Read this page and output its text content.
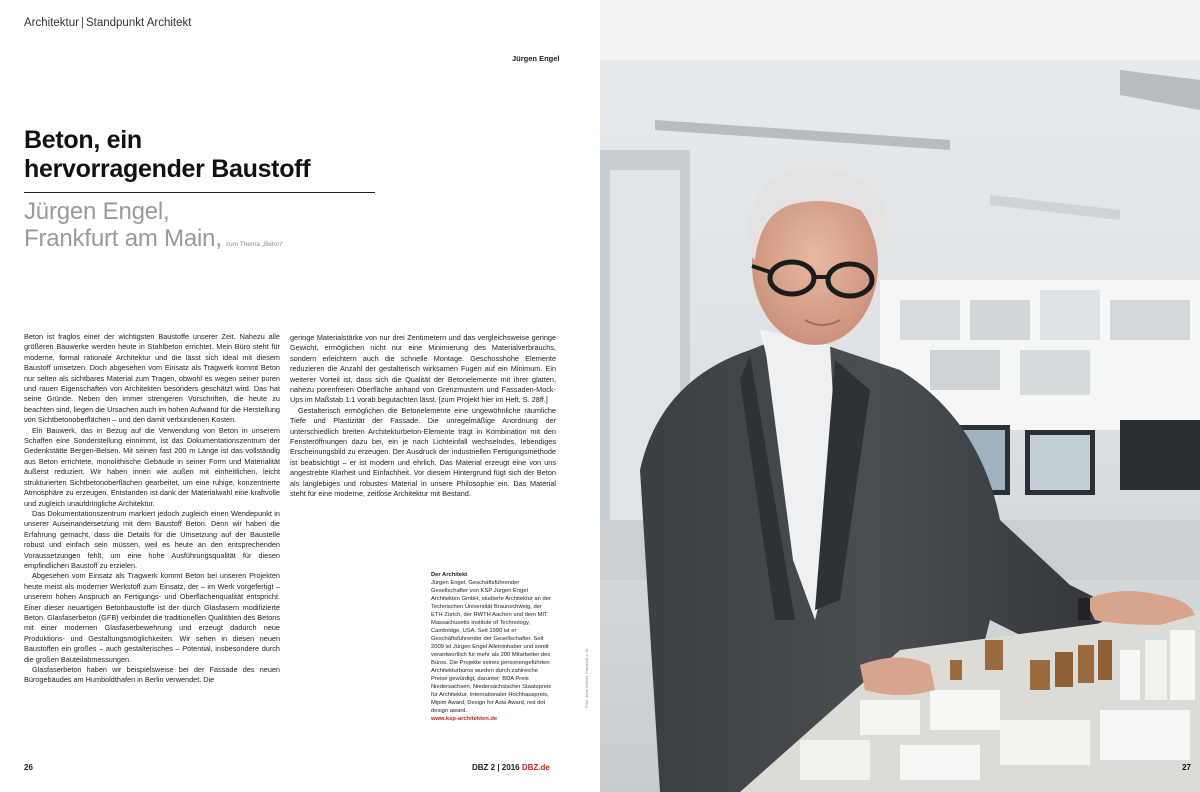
Architektur | Standpunkt Architekt
Jürgen Engel
Beton, ein
hervorragender Baustoff
Jürgen Engel,
Frankfurt am Main, zum Thema „Beton“

Beton ist fraglos einer der wichtigsten Baustoffe unserer Zeit. Nahezu alle größeren Bauwerke werden heute in Stahlbeton errichtet. Mein Büro steht für moderne, formal rationale Architektur und die lässt sich ideal mit diesem Baustoff umsetzen. Doch abgesehen vom Einsatz als Tragwerk kommt Beton nur selten als sichtbares Material zum Tragen, obwohl es wegen seiner puren und rauen Eigenschaften von Architekten besonders geschätzt wird. Das hat seine Gründe. Neben den immer strengeren Vorschriften, die heute zu beachten sind, liegen die Ursachen auch im hohen Aufwand für die Herstellung von Sichtbetonoberflächen – und den damit verbundenen Kosten.

Ein Bauwerk, das in Bezug auf die Verwendung von Beton in unserem Schaffen eine Sonderstellung einnimmt, ist das Dokumentationszentrum der Gedenkstätte Bergen-Belsen. Mit seinen fast 200 m Länge ist das vollständig aus Beton errichtete, monolithische Gebäude in seiner Form und Materialität äußerst reduziert. Wir haben innen wie außen mit einheitlichen, leicht strukturierten Sichtbetonoberflächen gearbeitet, um eine ruhige, konzentrierte Atmosphäre zu erzeugen. Entstanden ist dank der Materialwahl eine kraftvolle und zugleich unaufdringliche Architektur.

Das Dokumentationszentrum markiert jedoch zugleich einen Wendepunkt in unserer Auseinandersetzung mit dem Baustoff Beton. Denn wir haben die Erfahrung gemacht, dass die Details für die Umsetzung auf der Baustelle robust und einfach sein müssen, weil es heute an den entsprechenden Voraussetzungen fehlt, um eine hohe Ausführungsqualität für diesen empfindlichen Baustoff zu erzielen.

Abgesehen vom Einsatz als Tragwerk kommt Beton bei unseren Projekten heute meist als moderner Werkstoff zum Einsatz, der – im Werk vorgefertigt – unserem hohen Anspruch an Fertigungs- und Oberflächenqualität entspricht. Einer dieser neuartigen Betonbaustoffe ist der durch Glasfasern modifizierte Beton. Glasfaserbeton (GFB) verbindet die traditionellen Qualitäten des Betons mit einer modernen Glasfaserbewehrung und erzeugt dadurch neue Produktions- und Gestaltungsmöglichkeiten. Wir sehen in diesen neuen Baustoffen ein großes – auch gestalterisches – Potential, insbesondere durch die großen Bauteilabmessungen.

Glasfaserbeton haben wir beispielsweise bei der Fassade des neuen Bürogebäudes am Humboldthafen in Berlin verwendet. Die

geringe Materialstärke von nur drei Zentimetern und das vergleichsweise geringe Gewicht, ermöglichen nicht nur eine Minimierung des Materialverbrauchs, sondern erleichtern auch die schnelle Montage. Geschosshohe Elemente reduzieren die Anzahl der gestalterisch wirksamen Fugen auf ein Minimum. Ein weiterer Vorteil ist, dass sich die Qualität der Betonelemente mit ihrer glatten, nahezu porenfreien Oberfläche anhand von Grenzmustern und Fassaden-Mock-Ups im Maßstab 1:1 vorab begutachten lässt. [zum Projekt hier im Heft, S. 28ff.]

Gestalterisch ermöglichen die Betonelemente eine ungewöhnliche räumliche Tiefe und Plastizität der Fassade. Die unregelmäßige Anordnung der unterschiedlich breiten Architekturbeton-Elemente trägt in Kombination mit den Fensteröffnungen dazu bei, ein je nach Lichteinfall wechselndes, lebendiges Erscheinungsbild zu erzeugen. Der Ausdruck der industriellen Fertigungsmethode ist beabsichtigt – er ist modern und ehrlich. Das Material erzeugt eine von uns angestrebte Klarheit und Einfachheit. Vor diesem Hintergrund fügt sich der Beton als langlebiges und robustes Material in unsere Philosophie ein. Das Material steht für eine moderne, zeitlose Architektur mit Bestand.

Der Architekt
Jürgen Engel, Geschäftsführender Gesellschafter von KSP Jürgen Engel Architekten GmbH, studierte Architektur an der Technischen Universität Braunschweig, der ETH Zürich, der RWTH Aachen und dem MIT Massachusetts Institute of Technology, Cambridge, USA. Seit 1990 ist er Geschäftsführender der Gesellschafter. Seit 2009 ist Jürgen Engel Alleininhaber und somit verantwortlich für mehr als 200 Mitarbeiter des Büros. Die Projekte seines personengeführten Architekturbüros wurden durch zahlreiche Preise gewürdigt, darunter: BDA Preis Niedersachsen, Niedersächsischer Staatspreis für Architektur, Internationaler Hochhauspreis, Mipim Award, Design for Asia Award, red dot design award.
www.ksp-architekten.de
26	DBZ 2 | 2016 DBZ.de
Foto: Jens Gerber, Frankfurt a. M.
27
